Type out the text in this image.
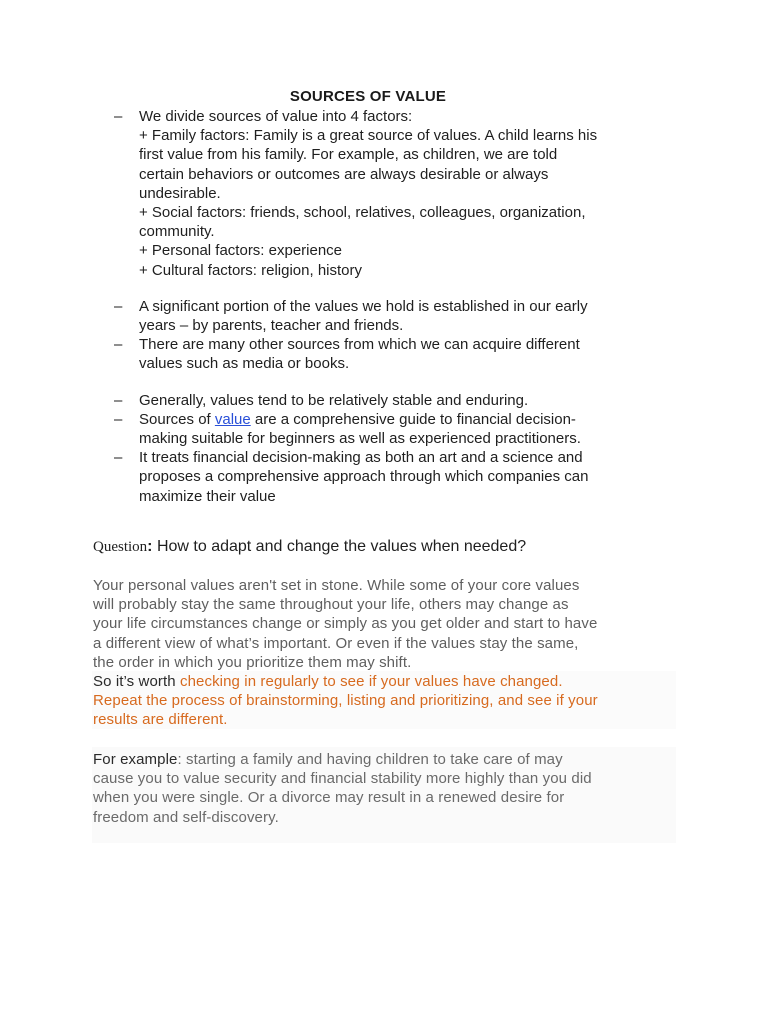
SOURCES OF VALUE
– We divide sources of value into 4 factors:
+ Family factors: Family is a great source of values. A child learns his
first value from his family. For example, as children, we are told
certain behaviors or outcomes are always desirable or always
undesirable.
+ Social factors: friends, school, relatives, colleagues, organization,
community.
+ Personal factors: experience
+ Cultural factors: religion, history
– A significant portion of the values we hold is established in our early
years – by parents, teacher and friends.
– There are many other sources from which we can acquire different
values such as media or books.
– Generally, values tend to be relatively stable and enduring.
– Sources of value are a comprehensive guide to financial decision-
making suitable for beginners as well as experienced practitioners.
– It treats financial decision-making as both an art and a science and
proposes a comprehensive approach through which companies can
maximize their value
Question: How to adapt and change the values when needed?
Your personal values aren't set in stone. While some of your core values
will probably stay the same throughout your life, others may change as
your life circumstances change or simply as you get older and start to have
a different view of what’s important. Or even if the values stay the same,
the order in which you prioritize them may shift.
So it’s worth checking in regularly to see if your values have changed.
Repeat the process of brainstorming, listing and prioritizing, and see if your
results are different.
For example: starting a family and having children to take care of may
cause you to value security and financial stability more highly than you did
when you were single. Or a divorce may result in a renewed desire for
freedom and self-discovery.
